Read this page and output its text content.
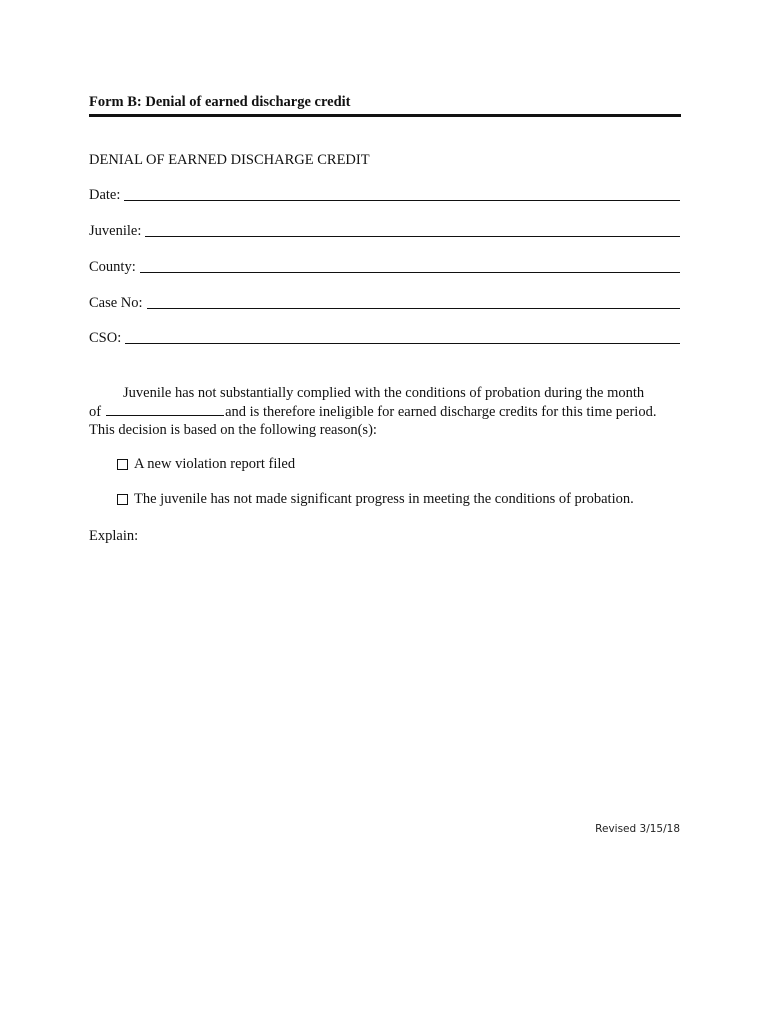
Form B: Denial of earned discharge credit
DENIAL OF EARNED DISCHARGE CREDIT
Date:
Juvenile:
County:
Case No:
CSO:
Juvenile has not substantially complied with the conditions of probation during the month
of	and is therefore ineligible for earned discharge credits for this time period.
This decision is based on the following reason(s):
A new violation report filed
The juvenile has not made significant progress in meeting the conditions of probation.
Explain:
Revised 3/15/18
